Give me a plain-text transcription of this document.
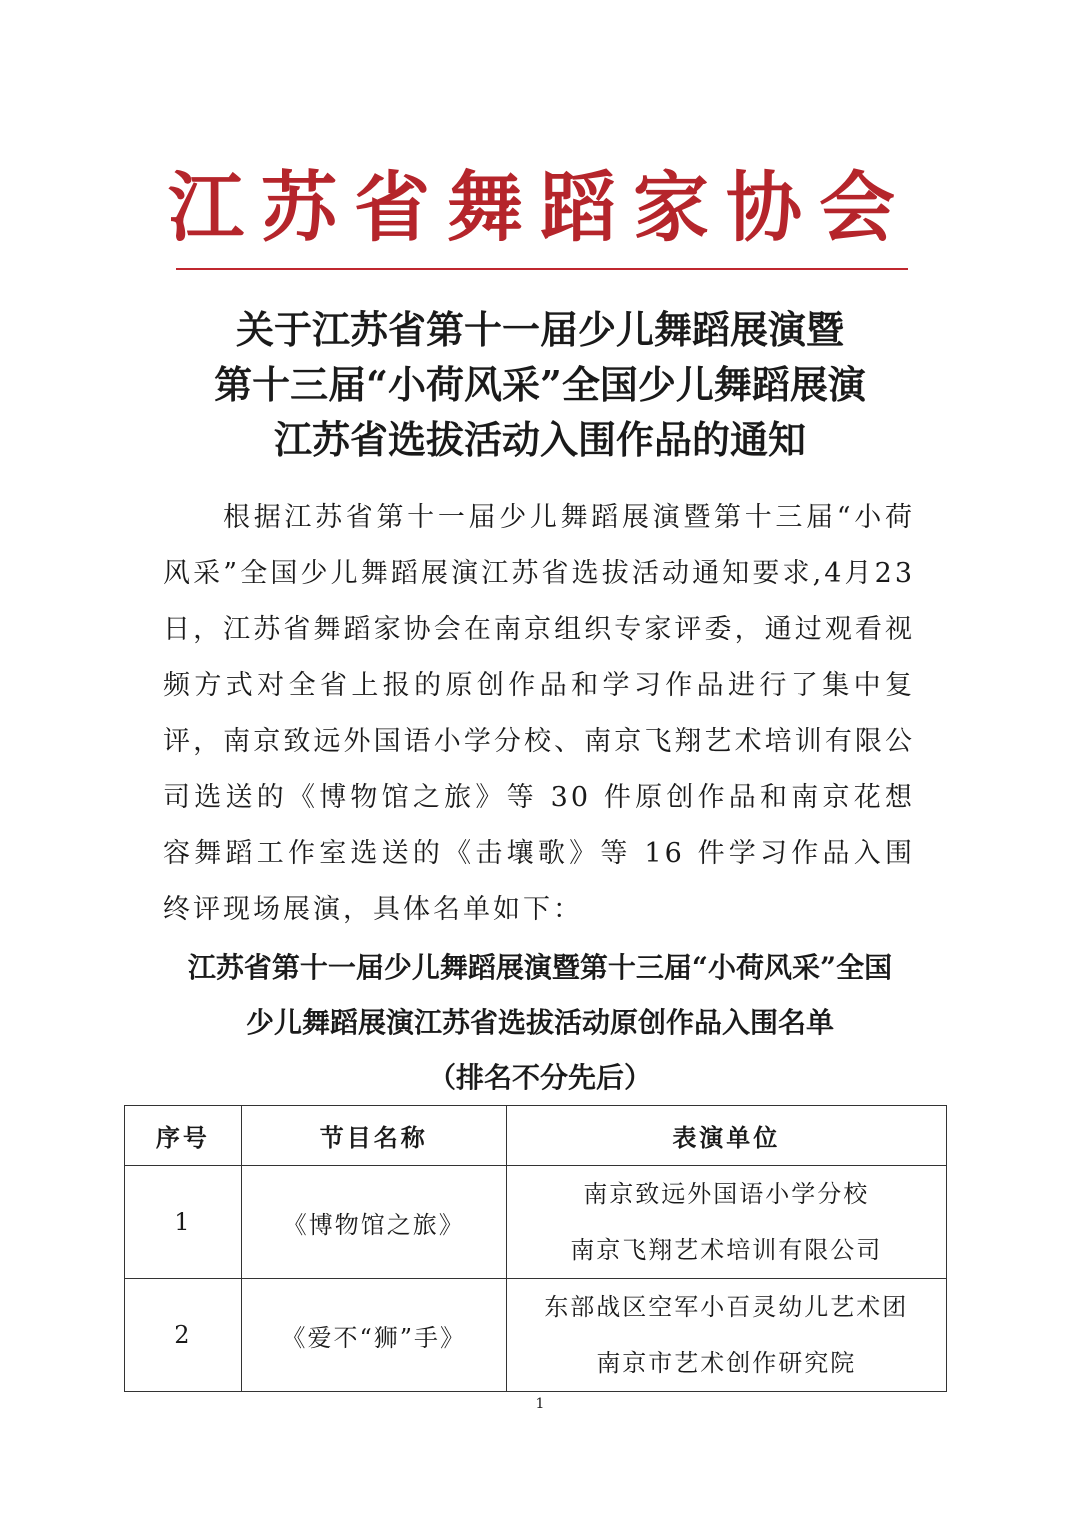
江苏省舞蹈家协会
关于江苏省第十一届少儿舞蹈展演暨
第十三届“小荷风采”全国少儿舞蹈展演
江苏省选拔活动入围作品的通知
根据江苏省第十一届少儿舞蹈展演暨第十三届“小荷风采”全国少儿舞蹈展演江苏省选拔活动通知要求,4月23日，江苏省舞蹈家协会在南京组织专家评委，通过观看视频方式对全省上报的原创作品和学习作品进行了集中复评，南京致远外国语小学分校、南京飞翔艺术培训有限公司选送的《博物馆之旅》等 30 件原创作品和南京花想容舞蹈工作室选送的《击壤歌》等 16 件学习作品入围终评现场展演，具体名单如下：
江苏省第十一届少儿舞蹈展演暨第十三届“小荷风采”全国
少儿舞蹈展演江苏省选拔活动原创作品入围名单
（排名不分先后）
序号	节目名称	表演单位
1	《博物馆之旅》	南京致远外国语小学分校
南京飞翔艺术培训有限公司

2	《爱不“狮”手》	东部战区空军小百灵幼儿艺术团
南京市艺术创作研究院
1
